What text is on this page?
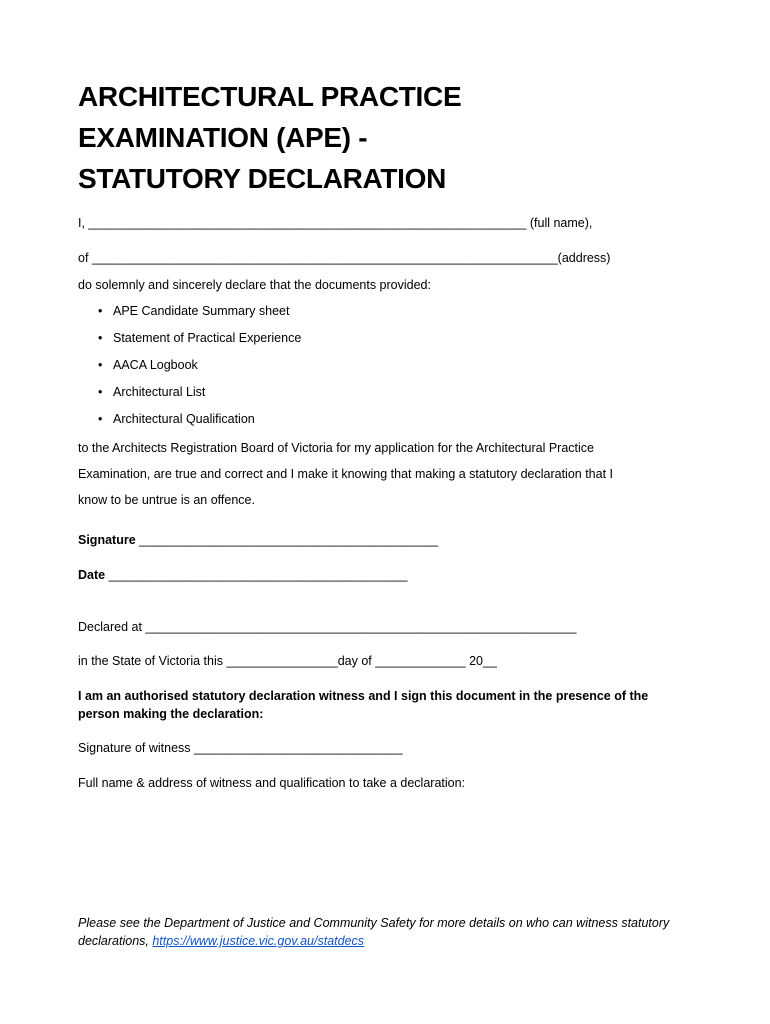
ARCHITECTURAL PRACTICE
EXAMINATION (APE) -
STATUTORY DECLARATION
I, _______________________________________________________________ (full name),
of ___________________________________________________________________(address)
do solemnly and sincerely declare that the documents provided:
• APE Candidate Summary sheet
• Statement of Practical Experience
• AACA Logbook
• Architectural List
• Architectural Qualification
to the Architects Registration Board of Victoria for my application for the Architectural Practice
Examination, are true and correct and I make it knowing that making a statutory declaration that I
know to be untrue is an offence.
Signature ___________________________________________
Date ___________________________________________
Declared at ______________________________________________________________
in the State of Victoria this ________________day of _____________ 20__
I am an authorised statutory declaration witness and I sign this document in the presence of the person making the declaration:
Signature of witness ______________________________
Full name & address of witness and qualification to take a declaration:
Please see the Department of Justice and Community Safety for more details on who can witness statutory declarations, https://www.justice.vic.gov.au/statdecs
